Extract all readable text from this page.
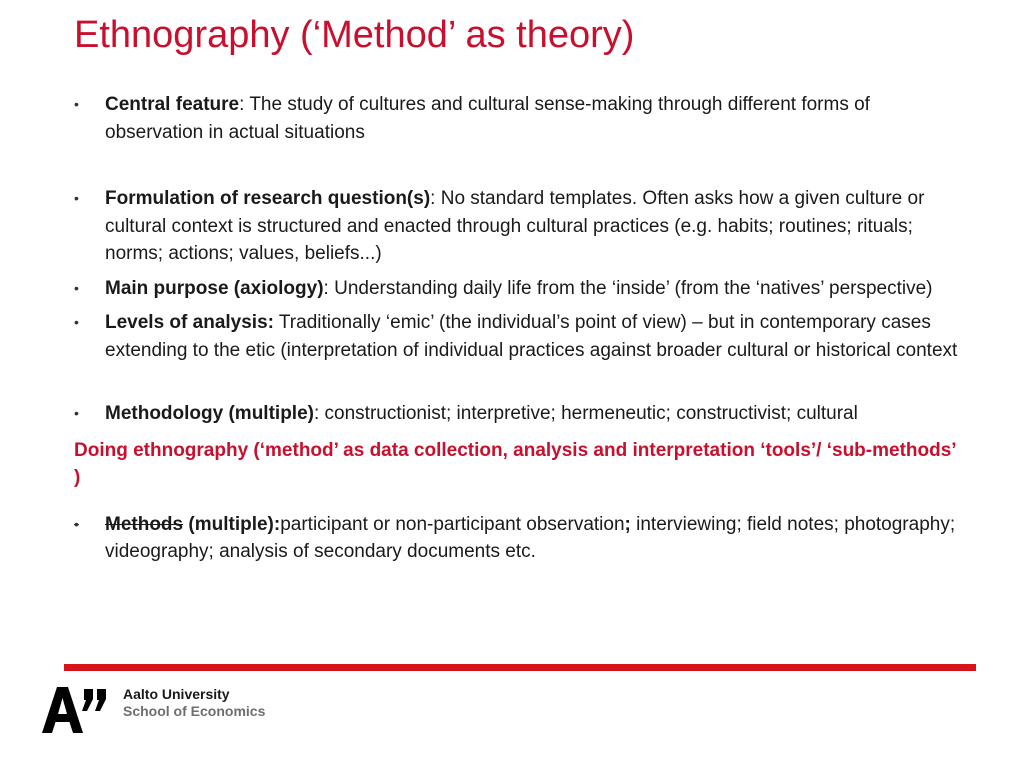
Ethnography (‘Method’ as theory)

•	Central feature: The study of cultures and cultural sense-making through different forms of observation in actual situations

•	Formulation of research question(s): No standard templates. Often asks how a given culture or cultural context is structured and enacted through cultural practices (e.g. habits; routines; rituals; norms; actions; values, beliefs...)

•	Main purpose (axiology): Understanding daily life from the ‘inside’ (from the ‘natives’ perspective)

•	Levels of analysis: Traditionally ‘emic’ (the individual’s point of view) – but in contemporary cases extending to the etic (interpretation of individual practices against broader cultural or historical context

•	Methodology (multiple): constructionist; interpretive; hermeneutic; constructivist; cultural

Doing ethnography (‘method’ as data collection, analysis and interpretation ‘tools’/ ‘sub-methods’ )

•	Methods (multiple):participant or non-participant observation; interviewing; field notes; photography; videography; analysis of secondary documents etc.

Aalto University
School of Economics
